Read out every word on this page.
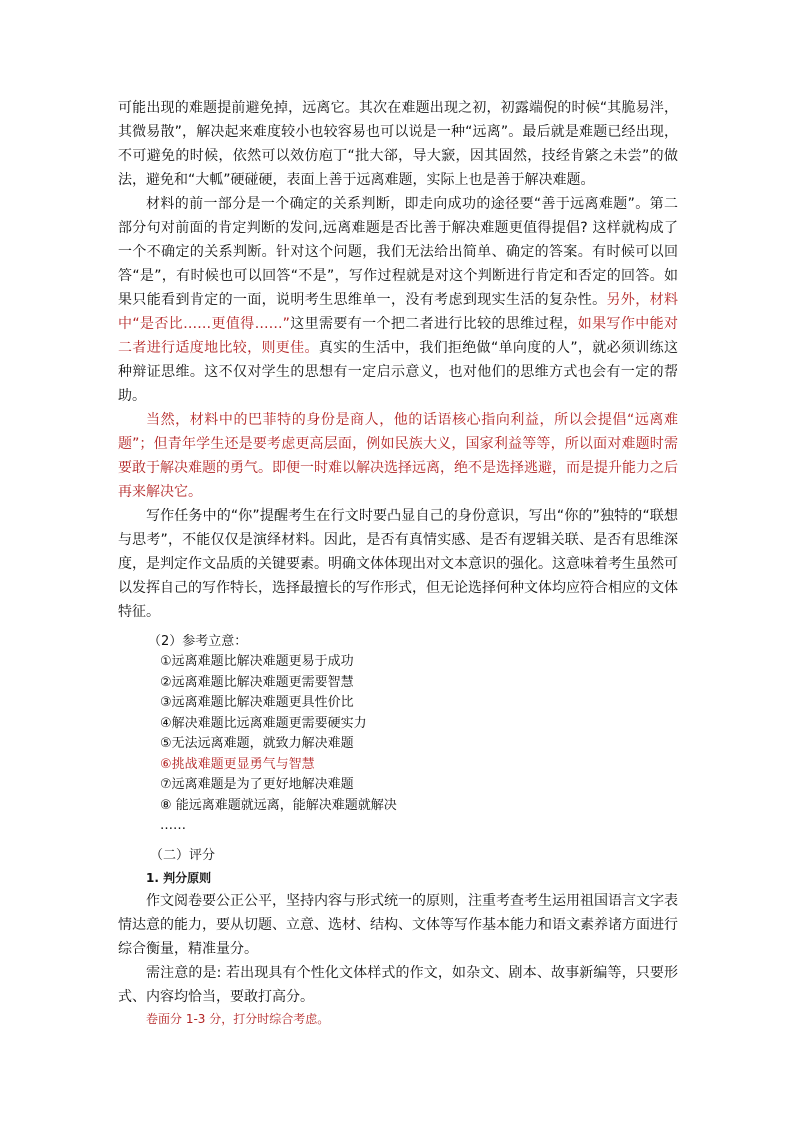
可能出现的难题提前避免掉，远离它。其次在难题出现之初，初露端倪的时候“其脆易泮，其微易散”，解决起来难度较小也较容易也可以说是一种“远离”。最后就是难题已经出现，不可避免的时候，依然可以效仿庖丁“批大郤，导大窾，因其固然，技经肯綮之未尝”的做法，避免和“大軱”硬碰硬，表面上善于远离难题，实际上也是善于解决难题。

材料的前一部分是一个确定的关系判断，即走向成功的途径要“善于远离难题”。第二部分句对前面的肯定判断的发问,远离难题是否比善于解决难题更值得提倡? 这样就构成了一个不确定的关系判断。针对这个问题，我们无法给出简单、确定的答案。有时候可以回答“是”，有时候也可以回答“不是”，写作过程就是对这个判断进行肯定和否定的回答。如果只能看到肯定的一面，说明考生思维单一，没有考虑到现实生活的复杂性。另外，材料中“是否比……更值得……”这里需要有一个把二者进行比较的思维过程，如果写作中能对二者进行适度地比较，则更佳。真实的生活中，我们拒绝做“单向度的人”，就必须训练这种辩证思维。这不仅对学生的思想有一定启示意义，也对他们的思维方式也会有一定的帮助。

当然，材料中的巴菲特的身份是商人，他的话语核心指向利益，所以会提倡“远离难题”；但青年学生还是要考虑更高层面，例如民族大义，国家利益等等，所以面对难题时需要敢于解决难题的勇气。即便一时难以解决选择远离，绝不是选择逃避，而是提升能力之后再来解决它。

写作任务中的“你”提醒考生在行文时要凸显自己的身份意识，写出“你的”独特的“联想与思考”，不能仅仅是演绎材料。因此，是否有真情实感、是否有逻辑关联、是否有思维深度，是判定作文品质的关键要素。明确文体体现出对文本意识的强化。这意味着考生虽然可以发挥自己的写作特长，选择最擅长的写作形式，但无论选择何种文体均应符合相应的文体特征。

（2）参考立意：
①远离难题比解决难题更易于成功
②远离难题比解决难题更需要智慧
③远离难题比解决难题更具性价比
④解决难题比远离难题更需要硬实力
⑤无法远离难题，就致力解决难题
⑥挑战难题更显勇气与智慧
⑦远离难题是为了更好地解决难题
⑧ 能远离难题就远离，能解决难题就解决
……
（二）评分
1. 判分原则

作文阅卷要公正公平，坚持内容与形式统一的原则，注重考查考生运用祖国语言文字表情达意的能力，要从切题、立意、选材、结构、文体等写作基本能力和语文素养诸方面进行综合衡量，精准量分。

需注意的是: 若出现具有个性化文体样式的作文，如杂文、剧本、故事新编等，只要形式、内容均恰当，要敢打高分。

卷面分 1-3 分，打分时综合考虑。
